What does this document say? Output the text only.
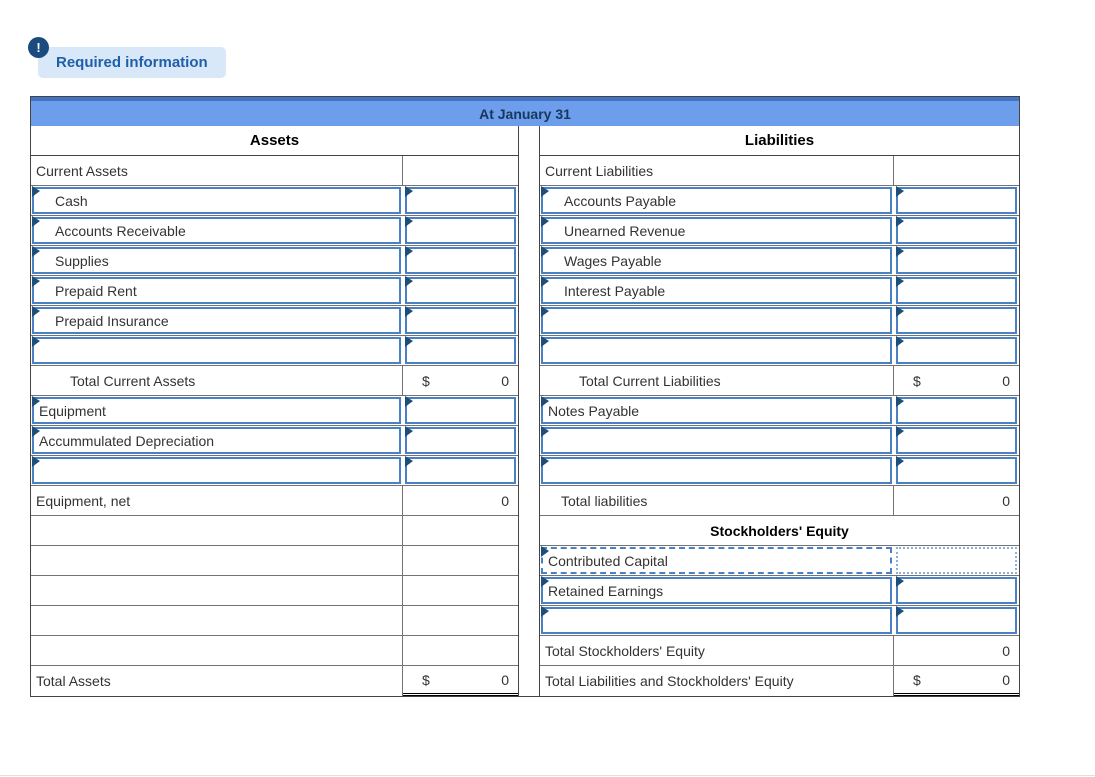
Required information
!
At January 31
Assets
Current Assets
Cash
Accounts Receivable
Supplies
Prepaid Rent
Prepaid Insurance
Total Current Assets	$	0
Equipment
Accummulated Depreciation
Equipment, net	0
Total Assets	$	0
Liabilities
Current Liabilities
Accounts Payable
Unearned Revenue
Wages Payable
Interest Payable
Total Current Liabilities	$	0
Notes Payable
Total liabilities	0
Stockholders' Equity
Contributed Capital
Retained Earnings
Total Stockholders' Equity	0
Total Liabilities and Stockholders' Equity	$	0
